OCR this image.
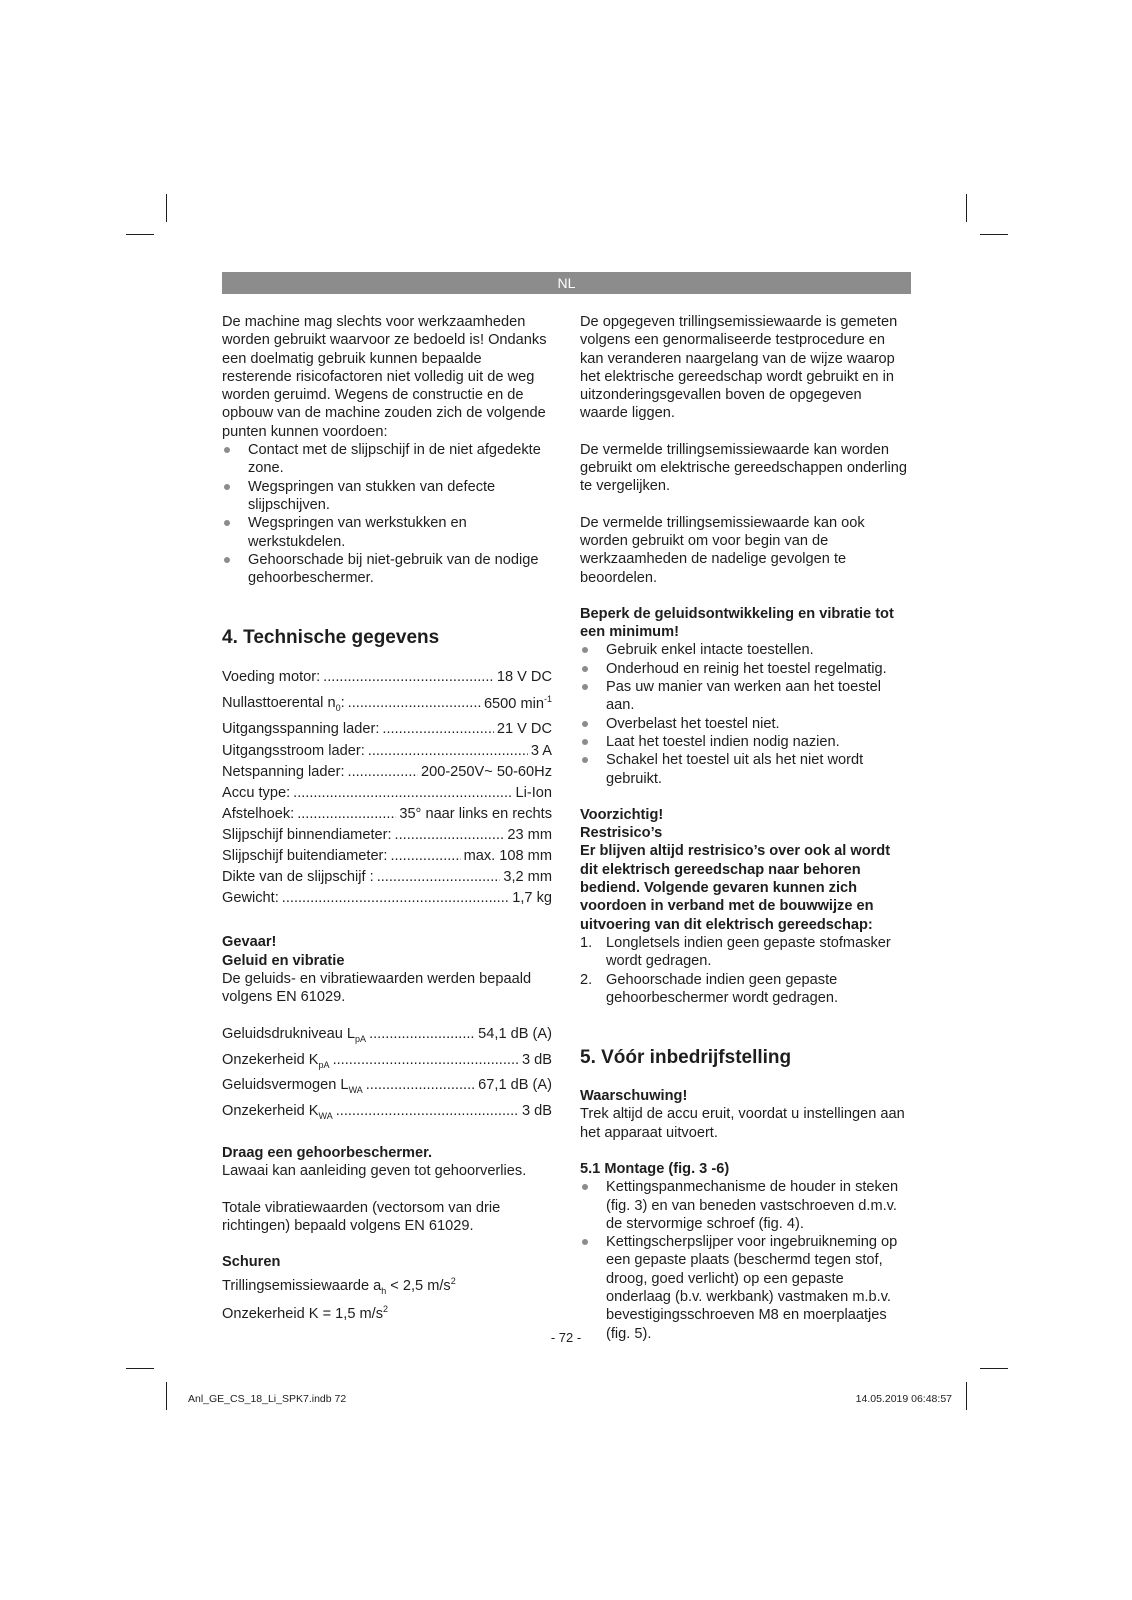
NL

De machine mag slechts voor werkzaamheden worden gebruikt waarvoor ze bedoeld is! Ondanks een doelmatig gebruik kunnen bepaalde resterende risicofactoren niet volledig uit de weg worden geruimd. Wegens de constructie en de opbouw van de machine zouden zich de volgende punten kunnen voordoen:

Contact met de slijpschijf in de niet afgedekte zone.
Wegspringen van stukken van defecte slijpschijven.
Wegspringen van werkstukken en werkstukdelen.
Gehoorschade bij niet-gebruik van de nodige gehoorbeschermer.
4. Technische gegevens
Voeding motor: .....	18 V DC
Nullasttoerental $n_0$: .....	6500 $\min^{-1}$
Uitgangsspanning lader: .....	21 V DC
Uitgangsstroom lader: .....	3 A
Netspanning lader: .....	200-250V~ 50-60Hz
Accu type: .....	Li-Ion
Afstelhoek: .....	35° naar links en rechts
Slijpschijf binnendiameter: .....	23 mm
Slijpschijf buitendiameter: .....	max. 108 mm
Dikte van de slijpschijf : .....	3,2 mm
Gewicht: .....	1,7 kg

Gevaar!

Geluid en vibratie

De geluids- en vibratiewaarden werden bepaald volgens EN 61029.

Geluidsdrukniveau $L_{pA}$ .....	54,1 dB (A)
Onzekerheid $K_{pA}$ .....	3 dB
Geluidsvermogen $L_{WA}$ .....	67,1 dB (A)
Onzekerheid $K_{WA}$ .....	3 dB

Draag een gehoorbeschermer.

Lawaai kan aanleiding geven tot gehoorverlies.

Totale vibratiewaarden (vectorsom van drie richtingen) bepaald volgens EN 61029.

Schuren

Trillingsemissiewaarde $a_h < 2,5$ $m/s^2$

Onzekerheid K = 1,5 $m/s^2$

De opgegeven trillingsemissiewaarde is gemeten volgens een genormaliseerde testprocedure en kan veranderen naargelang van de wijze waarop het elektrische gereedschap wordt gebruikt en in uitzonderingsgevallen boven de opgegeven waarde liggen.

De vermelde trillingsemissiewaarde kan worden gebruikt om elektrische gereedschappen onderling te vergelijken.

De vermelde trillingsemissiewaarde kan ook worden gebruikt om voor begin van de werkzaamheden de nadelige gevolgen te beoordelen.

Beperk de geluidsontwikkeling en vibratie tot een minimum!

Gebruik enkel intacte toestellen.
Onderhoud en reinig het toestel regelmatig.
Pas uw manier van werken aan het toestel aan.
Overbelast het toestel niet.
Laat het toestel indien nodig nazien.
Schakel het toestel uit als het niet wordt gebruikt.

Voorzichtig!

Restrisico’s

Er blijven altijd restrisico’s over ook al wordt dit elektrisch gereedschap naar behoren bediend. Volgende gevaren kunnen zich voordoen in verband met de bouwwijze en uitvoering van dit elektrisch gereedschap:

1. Longletsels indien geen gepaste stofmasker wordt gedragen.
2. Gehoorschade indien geen gepaste gehoorbeschermer wordt gedragen.
5. Vóór inbedrijfstelling

Waarschuwing!

Trek altijd de accu eruit, voordat u instellingen aan het apparaat uitvoert.

5.1 Montage (fig. 3 -6)

Kettingspanmechanisme de houder in steken (fig. 3) en van beneden vastschroeven d.m.v. de stervormige schroef (fig. 4).
Kettingscherpslijper voor ingebruikneming op een gepaste plaats (beschermd tegen stof, droog, goed verlicht) op een gepaste onderlaag (b.v. werkbank) vastmaken m.b.v. bevestigingsschroeven M8 en moerplaatjes (fig. 5).
- 72 -
Anl_GE_CS_18_Li_SPK7.indb 72	14.05.2019 06:48:57
